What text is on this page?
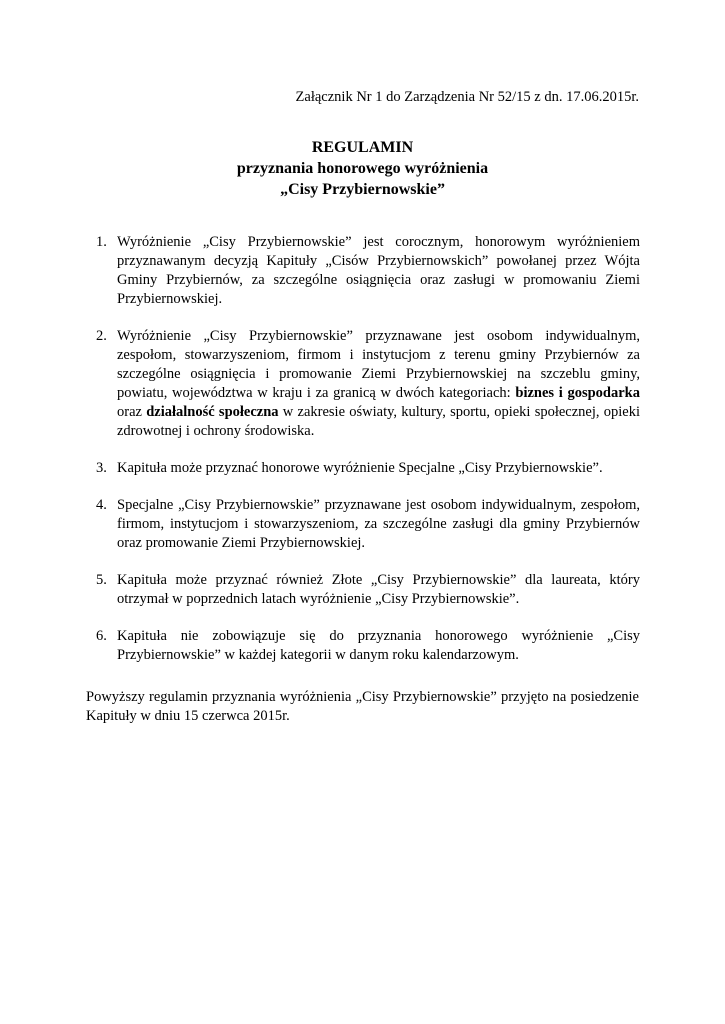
Załącznik Nr 1 do Zarządzenia Nr 52/15 z dn. 17.06.2015r.
REGULAMIN
przyznania honorowego wyróżnienia
„Cisy Przybiernowskie”
1. Wyróżnienie „Cisy Przybiernowskie” jest corocznym, honorowym wyróżnieniem przyznawanym decyzją Kapituły „Cisów Przybiernowskich” powołanej przez Wójta Gminy Przybiernów, za szczególne osiągnięcia oraz zasługi w promowaniu Ziemi Przybiernowskiej.
2. Wyróżnienie „Cisy Przybiernowskie” przyznawane jest osobom indywidualnym, zespołom, stowarzyszeniom, firmom i instytucjom z terenu gminy Przybiernów za szczególne osiągnięcia i promowanie Ziemi Przybiernowskiej na szczeblu gminy, powiatu, województwa w kraju i za granicą w dwóch kategoriach: biznes i gospodarka oraz działalność społeczna w zakresie oświaty, kultury, sportu, opieki społecznej, opieki zdrowotnej i ochrony środowiska.
3. Kapituła może przyznać honorowe wyróżnienie Specjalne „Cisy Przybiernowskie”.
4. Specjalne „Cisy Przybiernowskie” przyznawane jest osobom indywidualnym, zespołom, firmom, instytucjom i stowarzyszeniom, za szczególne zasługi dla gminy Przybiernów oraz promowanie Ziemi Przybiernowskiej.
5. Kapituła może przyznać również Złote „Cisy Przybiernowskie” dla laureata, który otrzymał w poprzednich latach wyróżnienie „Cisy Przybiernowskie”.
6. Kapituła nie zobowiązuje się do przyznania honorowego wyróżnienie „Cisy Przybiernowskie” w każdej kategorii w danym roku kalendarzowym.
Powyższy regulamin przyznania wyróżnienia „Cisy Przybiernowskie” przyjęto na posiedzenie Kapituły w dniu 15 czerwca 2015r.
